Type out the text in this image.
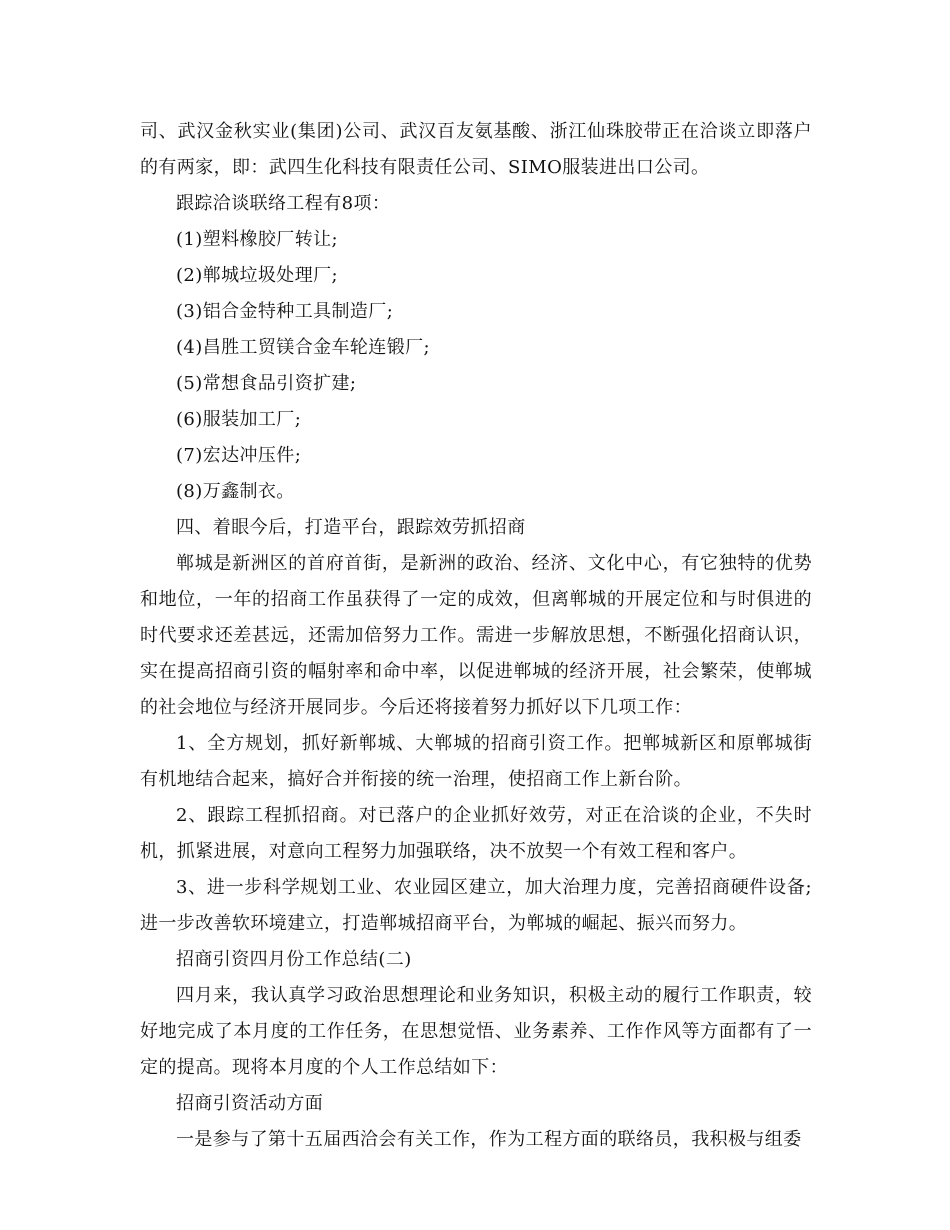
司、武汉金秋实业(集团)公司、武汉百友氨基酸、浙江仙珠胶带正在洽谈立即落户的有两家，即：武四生化科技有限责任公司、SIMO服装进出口公司。

跟踪洽谈联络工程有8项：

(1)塑料橡胶厂转让;

(2)郸城垃圾处理厂;

(3)铝合金特种工具制造厂;

(4)昌胜工贸镁合金车轮连锻厂;

(5)常想食品引资扩建;

(6)服装加工厂;

(7)宏达冲压件;

(8)万鑫制衣。

四、着眼今后，打造平台，跟踪效劳抓招商

郸城是新洲区的首府首街，是新洲的政治、经济、文化中心，有它独特的优势和地位，一年的招商工作虽获得了一定的成效，但离郸城的开展定位和与时俱进的时代要求还差甚远，还需加倍努力工作。需进一步解放思想，不断强化招商认识，实在提高招商引资的幅射率和命中率，以促进郸城的经济开展，社会繁荣，使郸城的社会地位与经济开展同步。今后还将接着努力抓好以下几项工作：

1、全方规划，抓好新郸城、大郸城的招商引资工作。把郸城新区和原郸城街有机地结合起来，搞好合并衔接的统一治理，使招商工作上新台阶。

2、跟踪工程抓招商。对已落户的企业抓好效劳，对正在洽谈的企业，不失时机，抓紧进展，对意向工程努力加强联络，决不放契一个有效工程和客户。

3、进一步科学规划工业、农业园区建立，加大治理力度，完善招商硬件设备;进一步改善软环境建立，打造郸城招商平台，为郸城的崛起、振兴而努力。

招商引资四月份工作总结(二)

四月来，我认真学习政治思想理论和业务知识，积极主动的履行工作职责，较好地完成了本月度的工作任务，在思想觉悟、业务素养、工作作风等方面都有了一定的提高。现将本月度的个人工作总结如下：

招商引资活动方面

一是参与了第十五届西洽会有关工作，作为工程方面的联络员，我积极与组委
